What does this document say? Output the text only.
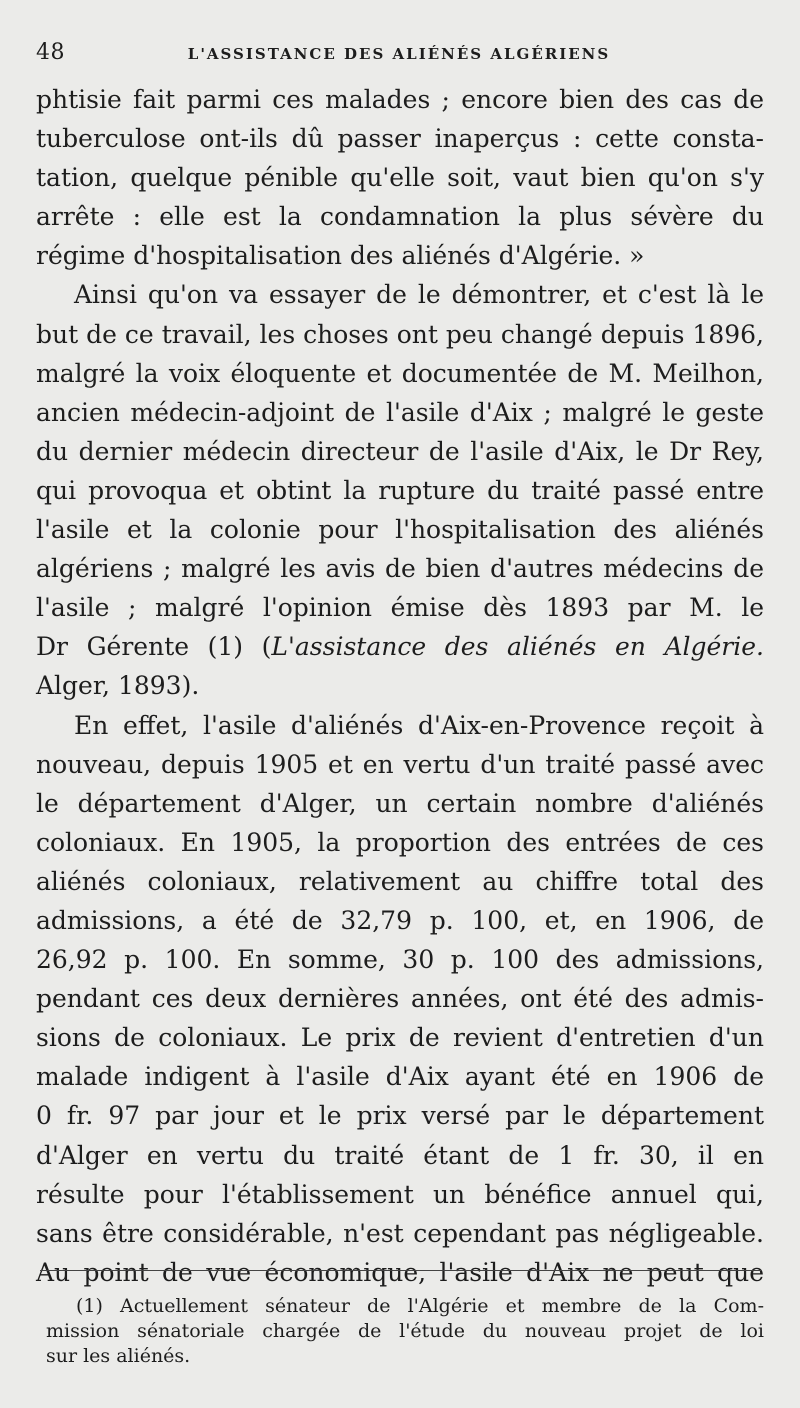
48	L'ASSISTANCE DES ALIÉNÉS ALGÉRIENS
phtisie fait parmi ces malades ; encore bien des cas de
tuberculose ont-ils dû passer inaperçus : cette consta-
tation, quelque pénible qu'elle soit, vaut bien qu'on s'y
arrête : elle est la condamnation la plus sévère du
régime d'hospitalisation des aliénés d'Algérie. »
Ainsi qu'on va essayer de le démontrer, et c'est là le
but de ce travail, les choses ont peu changé depuis 1896,
malgré la voix éloquente et documentée de M. Meilhon,
ancien médecin-adjoint de l'asile d'Aix ; malgré le geste
du dernier médecin directeur de l'asile d'Aix, le Dr Rey,
qui provoqua et obtint la rupture du traité passé entre
l'asile et la colonie pour l'hospitalisation des aliénés
algériens ; malgré les avis de bien d'autres médecins de
l'asile ; malgré l'opinion émise dès 1893 par M. le
Dr Gérente (1) (L'assistance des aliénés en Algérie.
Alger, 1893).
En effet, l'asile d'aliénés d'Aix-en-Provence reçoit à
nouveau, depuis 1905 et en vertu d'un traité passé avec
le département d'Alger, un certain nombre d'aliénés
coloniaux. En 1905, la proportion des entrées de ces
aliénés coloniaux, relativement au chiffre total des
admissions, a été de 32,79 p. 100, et, en 1906, de
26,92 p. 100. En somme, 30 p. 100 des admissions,
pendant ces deux dernières années, ont été des admis-
sions de coloniaux. Le prix de revient d'entretien d'un
malade indigent à l'asile d'Aix ayant été en 1906 de
0 fr. 97 par jour et le prix versé par le département
d'Alger en vertu du traité étant de 1 fr. 30, il en
résulte pour l'établissement un bénéfice annuel qui,
sans être considérable, n'est cependant pas négligeable.
Au point de vue économique, l'asile d'Aix ne peut que
(1) Actuellement sénateur de l'Algérie et membre de la Com-
mission sénatoriale chargée de l'étude du nouveau projet de loi
sur les aliénés.
